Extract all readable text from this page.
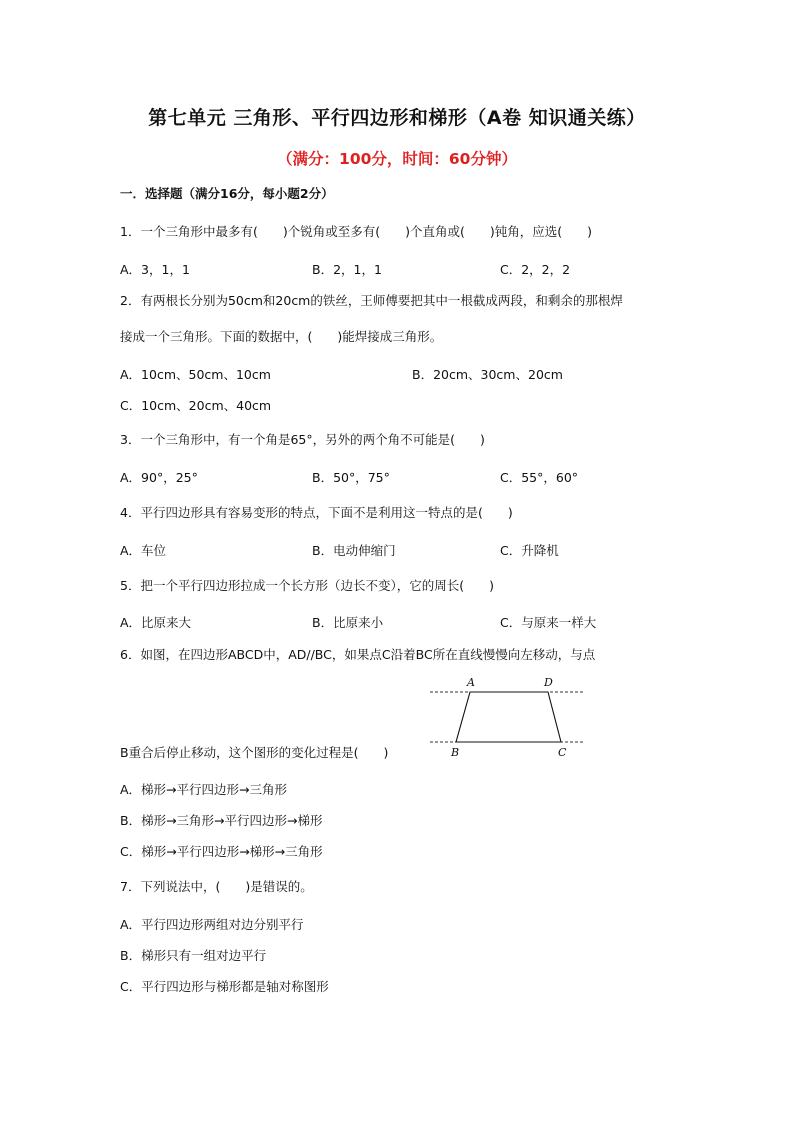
第七单元 三角形、平行四边形和梯形（A卷 知识通关练）
（满分：100分，时间：60分钟）
一．选择题（满分16分，每小题2分）
1．一个三角形中最多有(　　)个锐角或至多有(　　)个直角或(　　)钝角，应选(　　)
A．3，1，1	B．2，1，1	C．2，2，2
2．有两根长分别为50cm和20cm的铁丝，王师傅要把其中一根截成两段，和剩余的那根焊
接成一个三角形。下面的数据中，(　　)能焊接成三角形。
A．10cm、50cm、10cm	B．20cm、30cm、20cm
C．10cm、20cm、40cm
3．一个三角形中，有一个角是65°，另外的两个角不可能是(　　)
A．90°，25°	B．50°，75°	C．55°，60°
4．平行四边形具有容易变形的特点，下面不是利用这一特点的是(　　)
A．车位	B．电动伸缩门	C．升降机
5．把一个平行四边形拉成一个长方形（边长不变），它的周长(　　)
A．比原来大	B．比原来小	C．与原来一样大
6．如图，在四边形ABCD中，AD//BC，如果点C沿着BC所在直线慢慢向左移动，与点
A	D
B	C
B重合后停止移动，这个图形的变化过程是(　　)
A．梯形→平行四边形→三角形
B．梯形→三角形→平行四边形→梯形
C．梯形→平行四边形→梯形→三角形
7．下列说法中，(　　)是错误的。
A．平行四边形两组对边分别平行
B．梯形只有一组对边平行
C．平行四边形与梯形都是轴对称图形
